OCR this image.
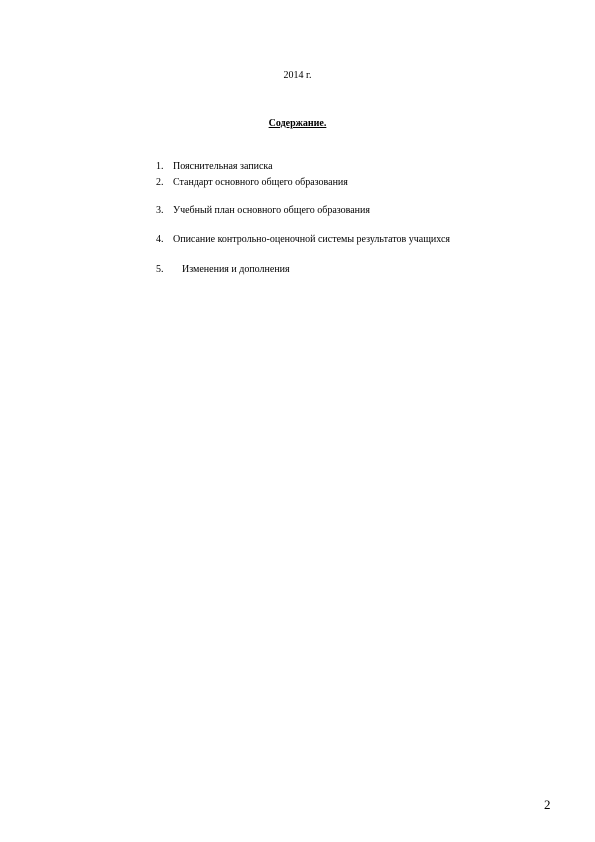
2014 г.
Содержание.
1. Пояснительная записка
2. Стандарт основного общего образования
3. Учебный план основного общего образования
4. Описание контрольно-оценочной системы результатов учащихся
5. Изменения и дополнения
2
